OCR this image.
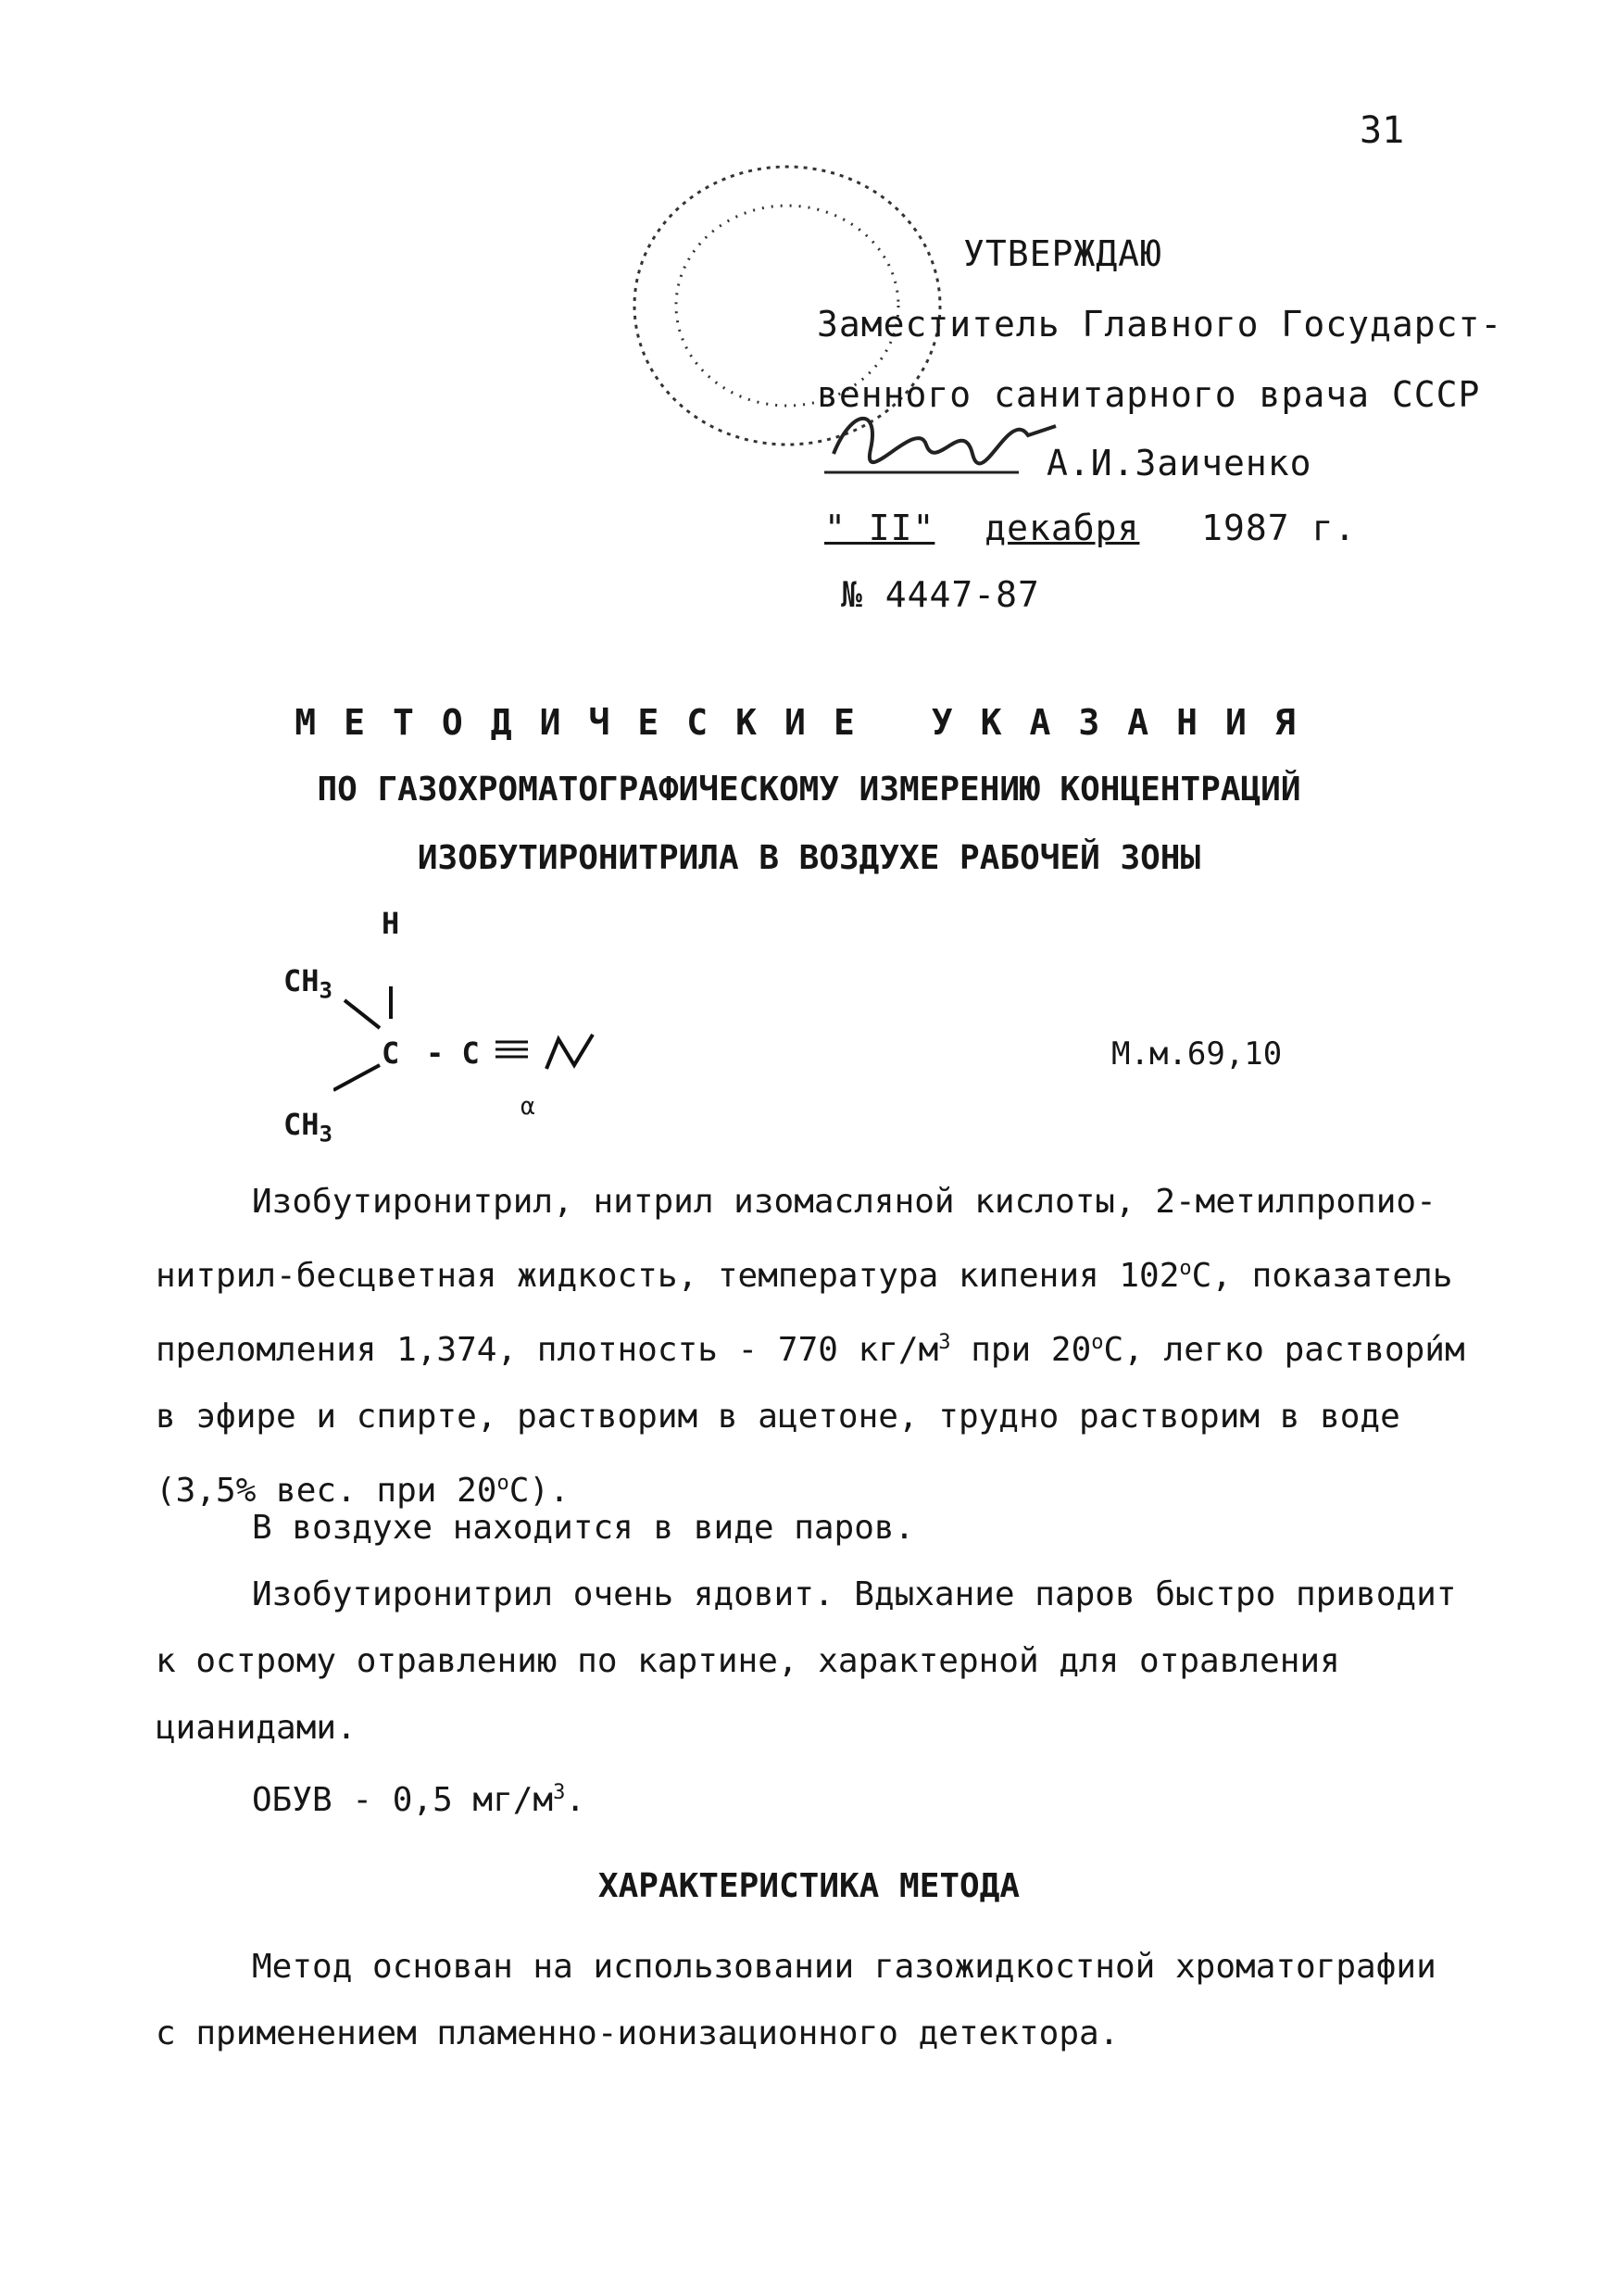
31
УТВЕРЖДАЮ
Заместитель Главного Государст-
венного санитарного врача СССР
А.И.Заиченко
" II" декабря 1987 г.
№ 4447-87
МЕТОДИЧЕСКИЕ УКАЗАНИЯ
ПО ГАЗОХРОМАТОГРАФИЧЕСКОМУ ИЗМЕРЕНИЮ КОНЦЕНТРАЦИЙ
ИЗОБУТИРОНИТРИЛА В ВОЗДУХЕ РАБОЧЕЙ ЗОНЫ
H
$CH_3$
C - C
α
$CH_3$
М.м.69,10
Изобутиронитрил, нитрил изомасляной кислоты, 2-метилпропио-нитрил-бесцветная жидкость, температура кипения 102$^o$С, показатель преломления 1,374, плотность - 770 $кг/м^3$ при 20$^o$С, легко раствори́м в эфире и спирте, растворим в ацетоне, трудно растворим в воде (3,5% вес. при 20$^o$С).
В воздухе находится в виде паров.
Изобутиронитрил очень ядовит. Вдыхание паров быстро приводит к острому отравлению по картине, характерной для отравления цианидами.
ОБУВ - 0,5 $мг/м^3$.
ХАРАКТЕРИСТИКА МЕТОДА
Метод основан на использовании газожидкостной хроматографии с применением пламенно-ионизационного детектора.
